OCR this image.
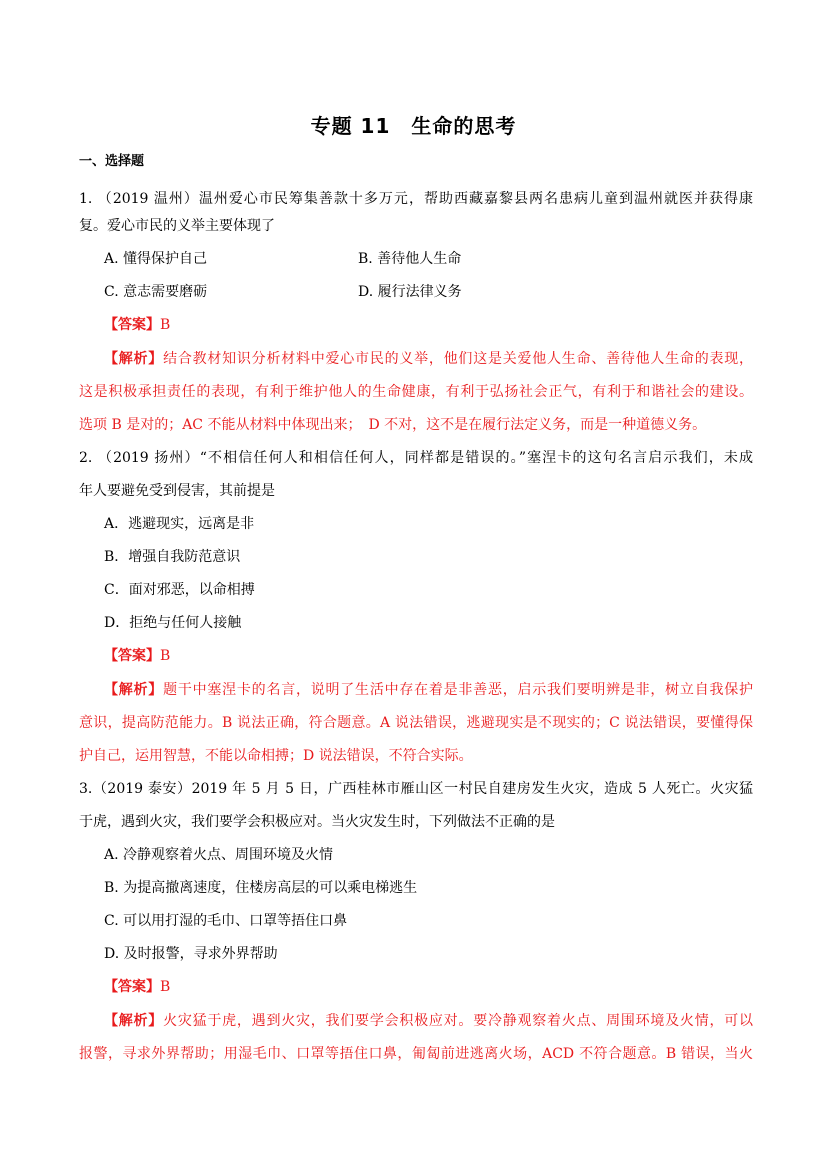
专题 11　生命的思考
一、选择题
1. （2019 温州）温州爱心市民筹集善款十多万元，帮助西藏嘉黎县两名患病儿童到温州就医并获得康
复。爱心市民的义举主要体现了
A. 懂得保护自己	B. 善待他人生命
C. 意志需要磨砺	D. 履行法律义务
【答案】B
【解析】结合教材知识分析材料中爱心市民的义举，他们这是关爱他人生命、善待他人生命的表现，
这是积极承担责任的表现，有利于维护他人的生命健康，有利于弘扬社会正气，有利于和谐社会的建设。
选项 B 是对的；AC 不能从材料中体现出来；　D 不对，这不是在履行法定义务，而是一种道德义务。
2. （2019 扬州）“不相信任何人和相信任何人，同样都是错误的。”塞涅卡的这句名言启示我们，未成
年人要避免受到侵害，其前提是
A．逃避现实，远离是非
B．增强自我防范意识
C．面对邪恶，以命相搏
D．拒绝与任何人接触
【答案】B
【解析】题干中塞涅卡的名言，说明了生活中存在着是非善恶，启示我们要明辨是非，树立自我保护
意识，提高防范能力。B 说法正确，符合题意。A 说法错误，逃避现实是不现实的；C 说法错误，要懂得保
护自己，运用智慧，不能以命相搏；D 说法错误，不符合实际。
3.（2019 泰安）2019 年 5 月 5 日，广西桂林市雁山区一村民自建房发生火灾，造成 5 人死亡。火灾猛
于虎，遇到火灾，我们要学会积极应对。当火灾发生时，下列做法不正确的是
A. 冷静观察着火点、周围环境及火情
B. 为提高撤离速度，住楼房高层的可以乘电梯逃生
C. 可以用打湿的毛巾、口罩等捂住口鼻
D. 及时报警，寻求外界帮助
【答案】B
【解析】火灾猛于虎，遇到火灾，我们要学会积极应对。要冷静观察着火点、周围环境及火情，可以
报警，寻求外界帮助；用湿毛巾、口罩等捂住口鼻，匍匐前进逃离火场，ACD 不符合题意。B 错误，当火
